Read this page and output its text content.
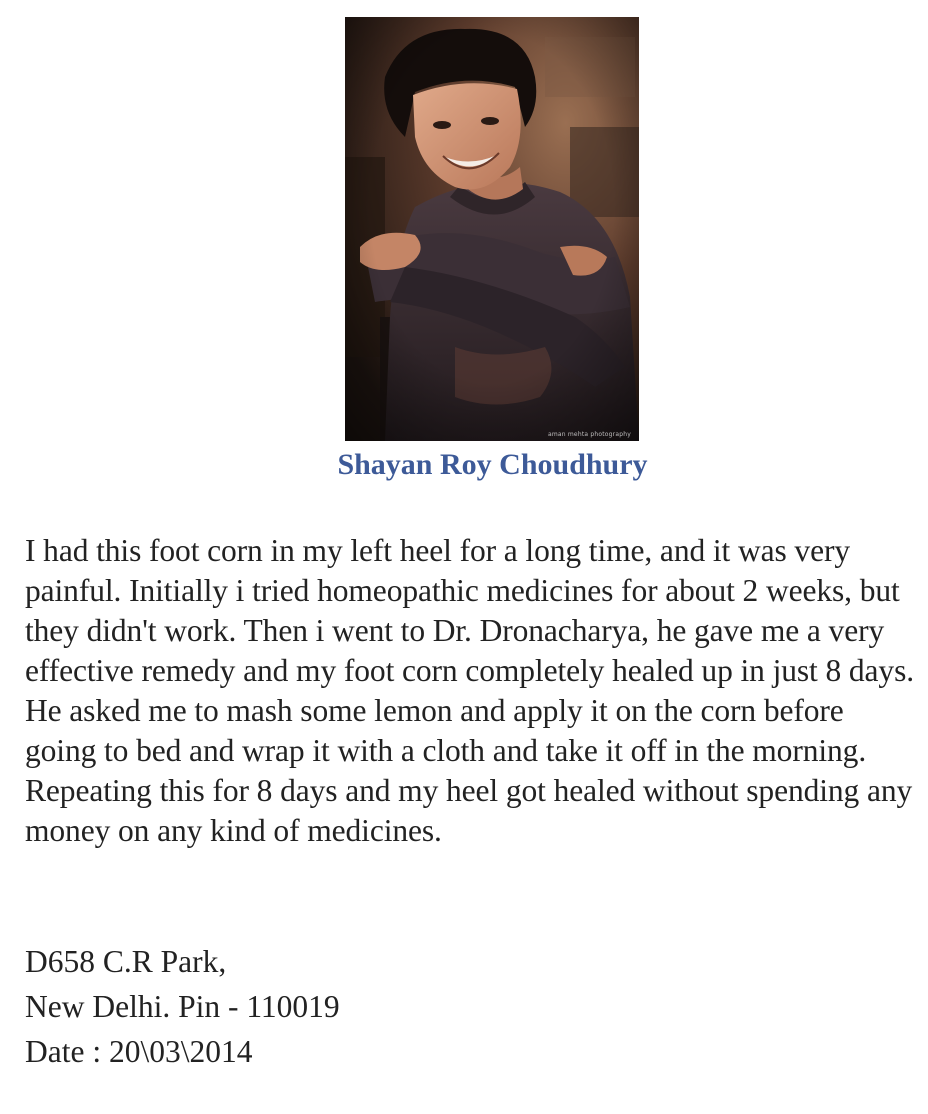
aman mehta photography
Shayan Roy Choudhury

I had this foot corn in my left heel for a long time, and it was very painful. Initially i tried homeopathic medicines for about 2 weeks, but they didn't work. Then i went to Dr. Dronacharya, he gave me a very effective remedy and my foot corn completely healed up in just 8 days. He asked me to mash some lemon and apply it on the corn before going to bed and wrap it with a cloth and take it off in the morning. Repeating this for 8 days and my heel got healed without spending any money on any kind of medicines.

D658 C.R Park,
New Delhi. Pin - 110019
Date : 20\03\2014
